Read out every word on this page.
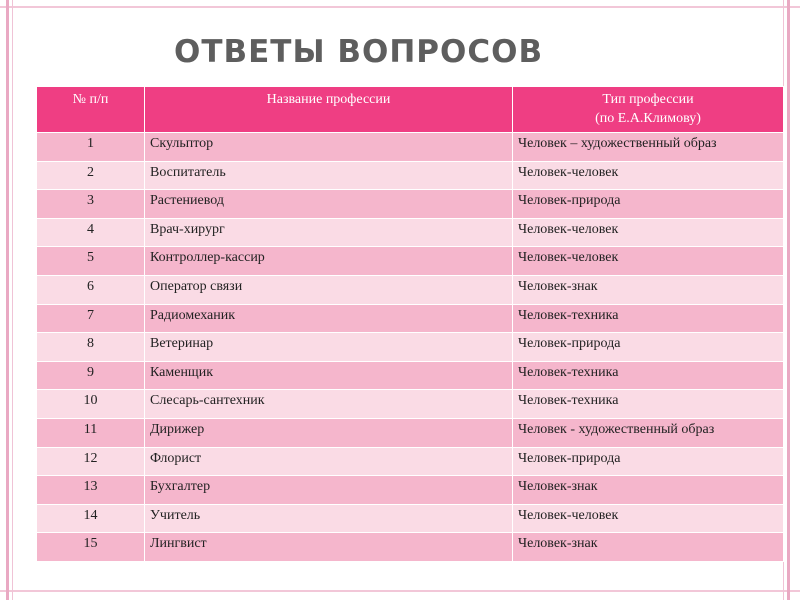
ОТВЕТЫ ВОПРОСОВ
№ п/п	Название профессии	Тип профессии
(по Е.А.Климову)

1	Скульптор	Человек – художественный образ
2	Воспитатель	Человек-человек
3	Растениевод	Человек-природа
4	Врач-хирург	Человек-человек
5	Контроллер-кассир	Человек-человек
6	Оператор связи	Человек-знак
7	Радиомеханик	Человек-техника
8	Ветеринар	Человек-природа
9	Каменщик	Человек-техника
10	Слесарь-сантехник	Человек-техника
11	Дирижер	Человек - художественный образ
12	Флорист	Человек-природа
13	Бухгалтер	Человек-знак
14	Учитель	Человек-человек
15	Лингвист	Человек-знак
